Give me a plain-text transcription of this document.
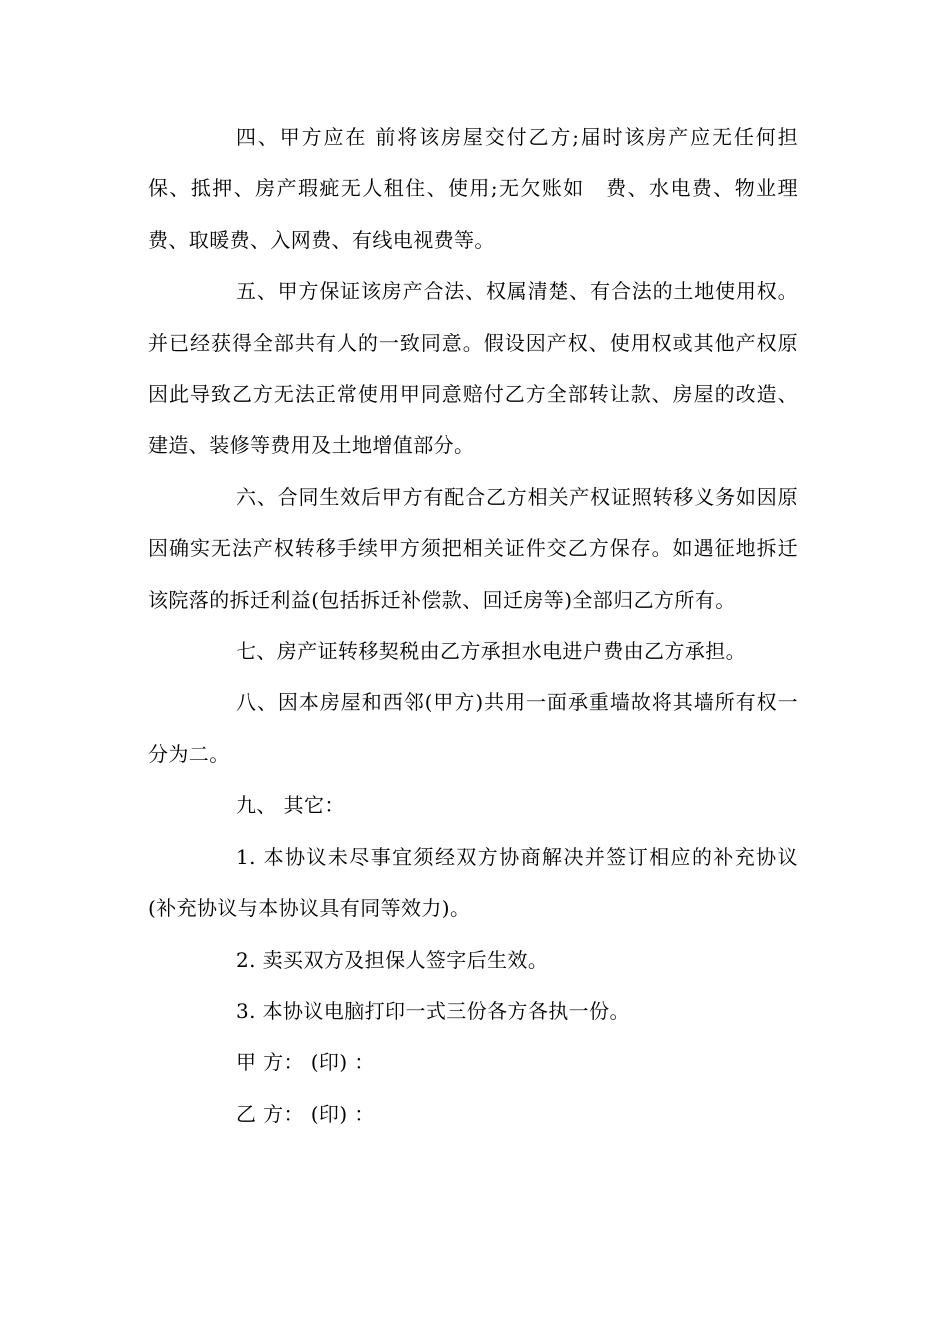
四、甲方应在 前将该房屋交付乙方;届时该房产应无任何担保、抵押、房产瑕疵无人租住、使用;无欠账如　费、水电费、物业理费、取暖费、入网费、有线电视费等。

五、甲方保证该房产合法、权属清楚、有合法的土地使用权。并已经获得全部共有人的一致同意。假设因产权、使用权或其他产权原因此导致乙方无法正常使用甲同意赔付乙方全部转让款、房屋的改造、建造、装修等费用及土地增值部分。

六、合同生效后甲方有配合乙方相关产权证照转移义务如因原因确实无法产权转移手续甲方须把相关证件交乙方保存。如遇征地拆迁该院落的拆迁利益(包括拆迁补偿款、回迁房等)全部归乙方所有。

七、房产证转移契税由乙方承担水电进户费由乙方承担。

八、因本房屋和西邻(甲方)共用一面承重墙故将其墙所有权一分为二。

九、 其它：

1. 本协议未尽事宜须经双方协商解决并签订相应的补充协议(补充协议与本协议具有同等效力)。

2. 卖买双方及担保人签字后生效。

3. 本协议电脑打印一式三份各方各执一份。

甲 方： (印) ：

乙 方： (印) ：
